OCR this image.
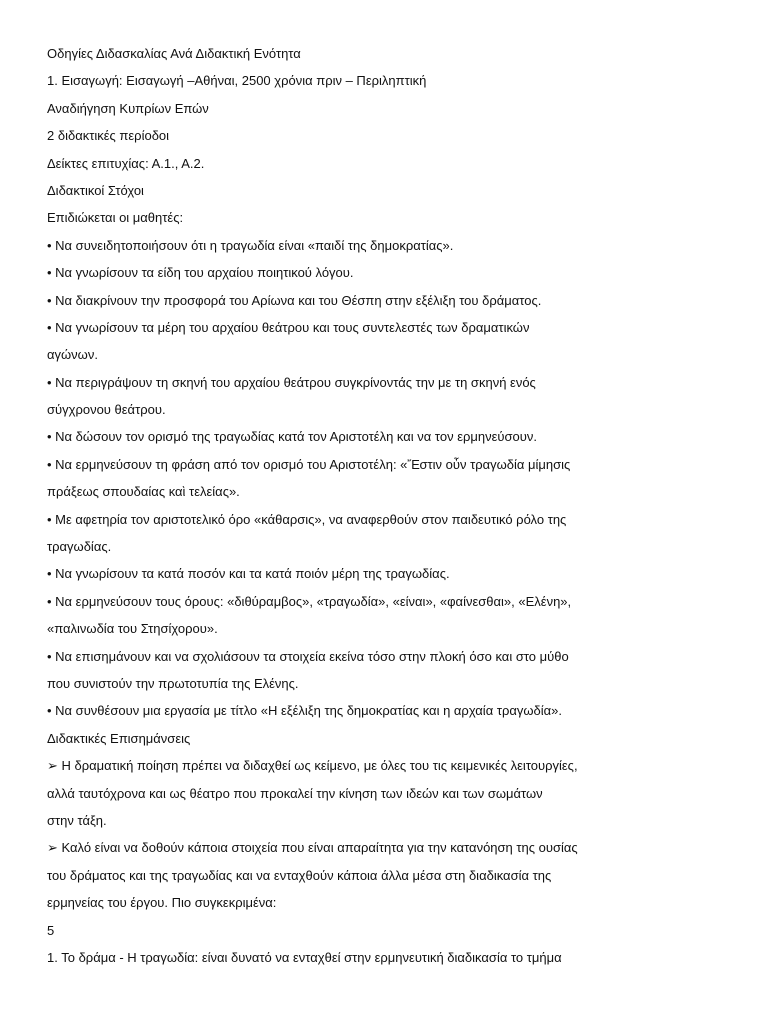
Οδηγίες Διδασκαλίας Ανά Διδακτική Ενότητα
1. Εισαγωγή: Εισαγωγή –Αθήναι, 2500 χρόνια πριν – Περιληπτική
Αναδιήγηση Κυπρίων Επών
2 διδακτικές περίοδοι
Δείκτες επιτυχίας: Α.1., Α.2.
Διδακτικοί Στόχοι
Επιδιώκεται οι μαθητές:
• Να συνειδητοποιήσουν ότι η τραγωδία είναι «παιδί της δημοκρατίας».
• Να γνωρίσουν τα είδη του αρχαίου ποιητικού λόγου.
• Να διακρίνουν την προσφορά του Αρίωνα και του Θέσπη στην εξέλιξη του δράματος.
• Να γνωρίσουν τα μέρη του αρχαίου θεάτρου και τους συντελεστές των δραματικών
αγώνων.
• Να περιγράψουν τη σκηνή του αρχαίου θεάτρου συγκρίνοντάς την με τη σκηνή ενός
σύγχρονου θεάτρου.
• Να δώσουν τον ορισμό της τραγωδίας κατά τον Αριστοτέλη και να τον ερμηνεύσουν.
• Να ερμηνεύσουν τη φράση από τον ορισμό του Αριστοτέλη: «Ἔστιν οὖν τραγωδία μίμησις
πράξεως σπουδαίας καὶ τελείας».
• Με αφετηρία τον αριστοτελικό όρο «κάθαρσις», να αναφερθούν στον παιδευτικό ρόλο της
τραγωδίας.
• Να γνωρίσουν τα κατά ποσόν και τα κατά ποιόν μέρη της τραγωδίας.
• Να ερμηνεύσουν τους όρους: «διθύραμβος», «τραγωδία», «είναι», «φαίνεσθαι», «Ελένη»,
«παλινωδία του Στησίχορου».
• Να επισημάνουν και να σχολιάσουν τα στοιχεία εκείνα τόσο στην πλοκή όσο και στο μύθο
που συνιστούν την πρωτοτυπία της Ελένης.
• Να συνθέσουν μια εργασία με τίτλο «Η εξέλιξη της δημοκρατίας και η αρχαία τραγωδία».
Διδακτικές Επισημάνσεις
➢ Η δραματική ποίηση πρέπει να διδαχθεί ως κείμενο, με όλες του τις κειμενικές λειτουργίες,
αλλά ταυτόχρονα και ως θέατρο που προκαλεί την κίνηση των ιδεών και των σωμάτων
στην τάξη.
➢ Καλό είναι να δοθούν κάποια στοιχεία που είναι απαραίτητα για την κατανόηση της ουσίας
του δράματος και της τραγωδίας και να ενταχθούν κάποια άλλα μέσα στη διαδικασία της
ερμηνείας του έργου. Πιο συγκεκριμένα:
5
1. Το δράμα - Η τραγωδία: είναι δυνατό να ενταχθεί στην ερμηνευτική διαδικασία το τμήμα
